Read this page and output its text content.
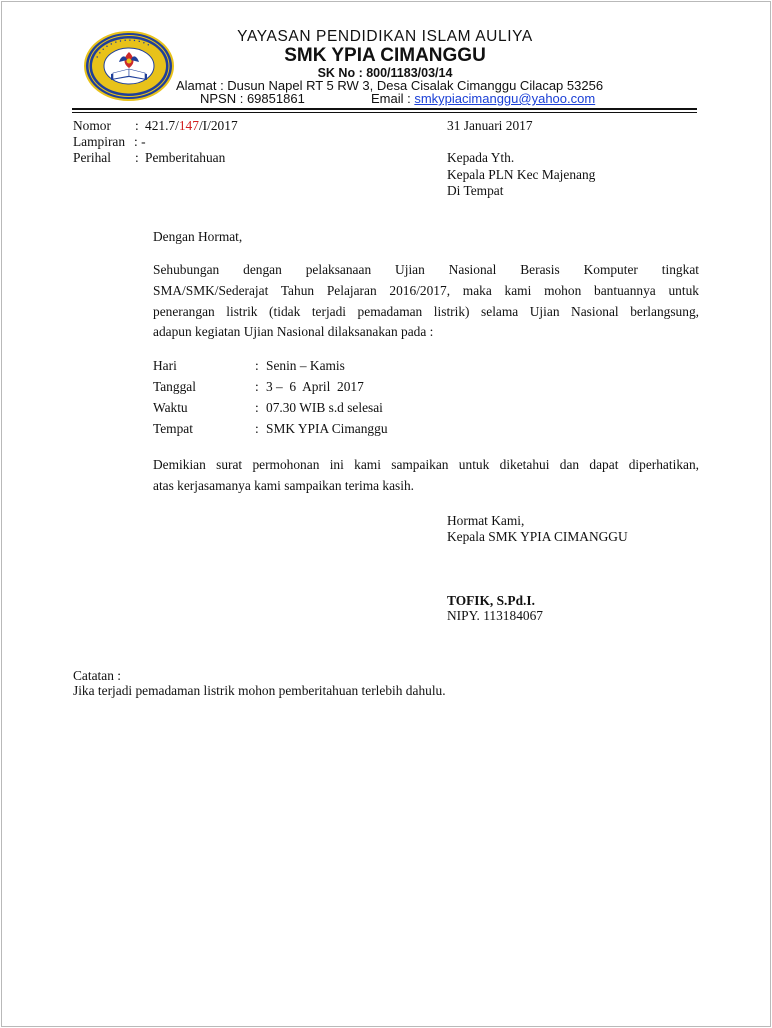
• • • • • • • • • • • • •
YAYASAN PENDIDIKAN ISLAM AULIYA
SMK YPIA CIMANGGU
SK No : 800/1183/03/14
Alamat : Dusun Napel RT 5 RW 3, Desa Cisalak Cimanggu Cilacap 53256
NPSN : 69851861	Email : smkypiacimanggu@yahoo.com
Nomor : 421.7/147/I/2017	31 Januari 2017
Lampiran : -
Perihal : Pemberitahuan	Kepada Yth.
Kepala PLN Kec Majenang
Di Tempat
Dengan Hormat,
Sehubungan dengan pelaksanaan Ujian Nasional Berasis Komputer tingkat
SMA/SMK/Sederajat Tahun Pelajaran 2016/2017, maka kami mohon bantuannya untuk
penerangan listrik (tidak terjadi pemadaman listrik) selama Ujian Nasional berlangsung,
adapun kegiatan Ujian Nasional dilaksanakan pada :
Hari	: Senin – Kamis
Tanggal	: 3 –  6  April  2017
Waktu	: 07.30 WIB s.d selesai
Tempat	: SMK YPIA Cimanggu
Demikian surat permohonan ini kami sampaikan untuk diketahui dan dapat diperhatikan,
atas kerjasamanya kami sampaikan terima kasih.
Hormat Kami,
Kepala SMK YPIA CIMANGGU
TOFIK, S.Pd.I.
NIPY. 113184067
Catatan :
Jika terjadi pemadaman listrik mohon pemberitahuan terlebih dahulu.
